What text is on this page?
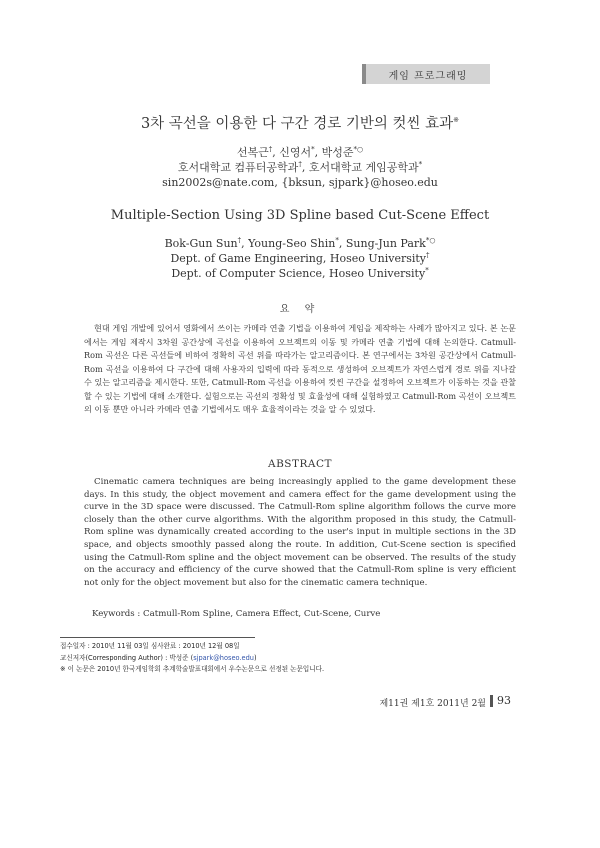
게임 프로그래밍
3차 곡선을 이용한 다 구간 경로 기반의 컷씬 효과※
선복근†, 신영서*, 박성준*○
호서대학교 컴퓨터공학과†, 호서대학교 게임공학과*
sin2002s@nate.com, {bksun, sjpark}@hoseo.edu
Multiple-Section Using 3D Spline based Cut-Scene Effect
Bok-Gun Sun†, Young-Seo Shin*, Sung-Jun Park*○
Dept. of Game Engineering, Hoseo University†
Dept. of Computer Science, Hoseo University*
요 약
현대 게임 개발에 있어서 영화에서 쓰이는 카메라 연출 기법을 이용하여 게임을 제작하는 사례가 많아지고 있다. 본 논문에서는 게임 제작시 3차원 공간상에 곡선을 이용하여 오브젝트의 이동 및 카메라 연출 기법에 대해 논의한다. Catmull-Rom 곡선은 다른 곡선들에 비하여 정확히 곡선 위를 따라가는 알고리즘이다. 본 연구에서는 3차원 공간상에서 Catmull-Rom 곡선을 이용하여 다 구간에 대해 사용자의 입력에 따라 동적으로 생성하여 오브젝트가 자연스럽게 경로 위를 지나갈 수 있는 알고리즘을 제시한다. 또한, Catmull-Rom 곡선을 이용하여 컷씬 구간을 설정하여 오브젝트가 이동하는 것을 관찰 할 수 있는 기법에 대해 소개한다. 실험으로는 곡선의 정확성 및 효율성에 대해 실험하였고 Catmull-Rom 곡선이 오브젝트의 이동 뿐만 아니라 카메라 연출 기법에서도 매우 효율적이라는 것을 알 수 있었다.
ABSTRACT
Cinematic camera techniques are being increasingly applied to the game development these days. In this study, the object movement and camera effect for the game development using the curve in the 3D space were discussed. The Catmull-Rom spline algorithm follows the curve more closely than the other curve algorithms. With the algorithm proposed in this study, the Catmull-Rom spline was dynamically created according to the user's input in multiple sections in the 3D space, and objects smoothly passed along the route. In addition, Cut-Scene section is specified using the Catmull-Rom spline and the object movement can be observed. The results of the study on the accuracy and efficiency of the curve showed that the Catmull-Rom spline is very efficient not only for the object movement but also for the cinematic camera technique.
Keywords : Catmull-Rom Spline, Camera Effect, Cut-Scene, Curve
접수일자 : 2010년 11월 03일 심사완료 : 2010년 12월 08일
교신저자(Corresponding Author) : 박성준 (sjpark@hoseo.edu)
※ 이 논문은 2010년 한국게임학회 추계학술발표대회에서 우수논문으로 선정된 논문입니다.
제11권 제1호 2011년 2월 93
